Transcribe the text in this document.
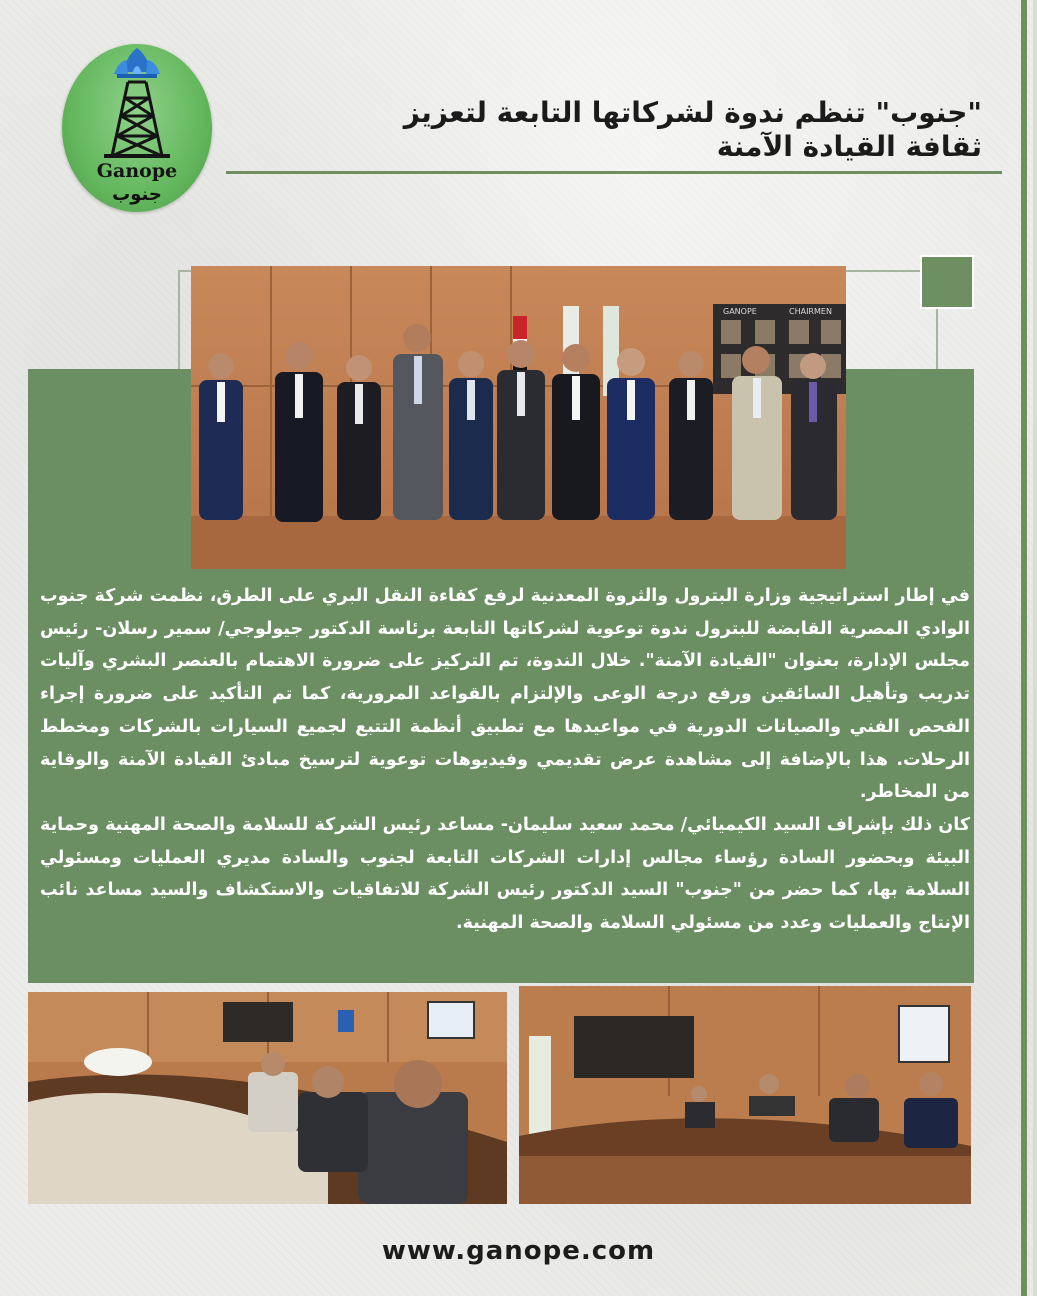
Ganope
جنوب
"جنوب" تنظم ندوة لشركاتها التابعة لتعزيز
ثقافة القيادة الآمنة
GANOPE	CHAIRMEN

في إطار استراتيجية وزارة البترول والثروة المعدنية لرفع كفاءة النقل البري على الطرق، نظمت شركة جنوب الوادي المصرية القابضة للبترول ندوة توعوية لشركاتها التابعة برئاسة الدكتور جيولوجي/ سمير رسلان- رئيس مجلس الإدارة، بعنوان "القيادة الآمنة". خلال الندوة، تم التركيز على ضرورة الاهتمام بالعنصر البشري وآليات تدريب وتأهيل السائقين ورفع درجة الوعى والإلتزام بالقواعد المرورية، كما تم التأكيد على ضرورة إجراء الفحص الفني والصيانات الدورية في مواعيدها مع تطبيق أنظمة التتبع لجميع السيارات بالشركات ومخطط الرحلات. هذا بالإضافة إلى مشاهدة عرض تقديمي وفيديوهات توعوية لترسيخ مبادئ القيادة الآمنة والوقاية من المخاطر.

كان ذلك بإشراف السيد الكيميائي/ محمد سعيد سليمان- مساعد رئيس الشركة للسلامة والصحة المهنية وحماية البيئة وبحضور السادة رؤساء مجالس إدارات الشركات التابعة لجنوب والسادة مديري العمليات ومسئولي السلامة بها، كما حضر من "جنوب" السيد الدكتور رئيس الشركة للاتفاقيات والاستكشاف والسيد مساعد نائب الإنتاج والعمليات وعدد من مسئولي السلامة والصحة المهنية.

www.ganope.com
